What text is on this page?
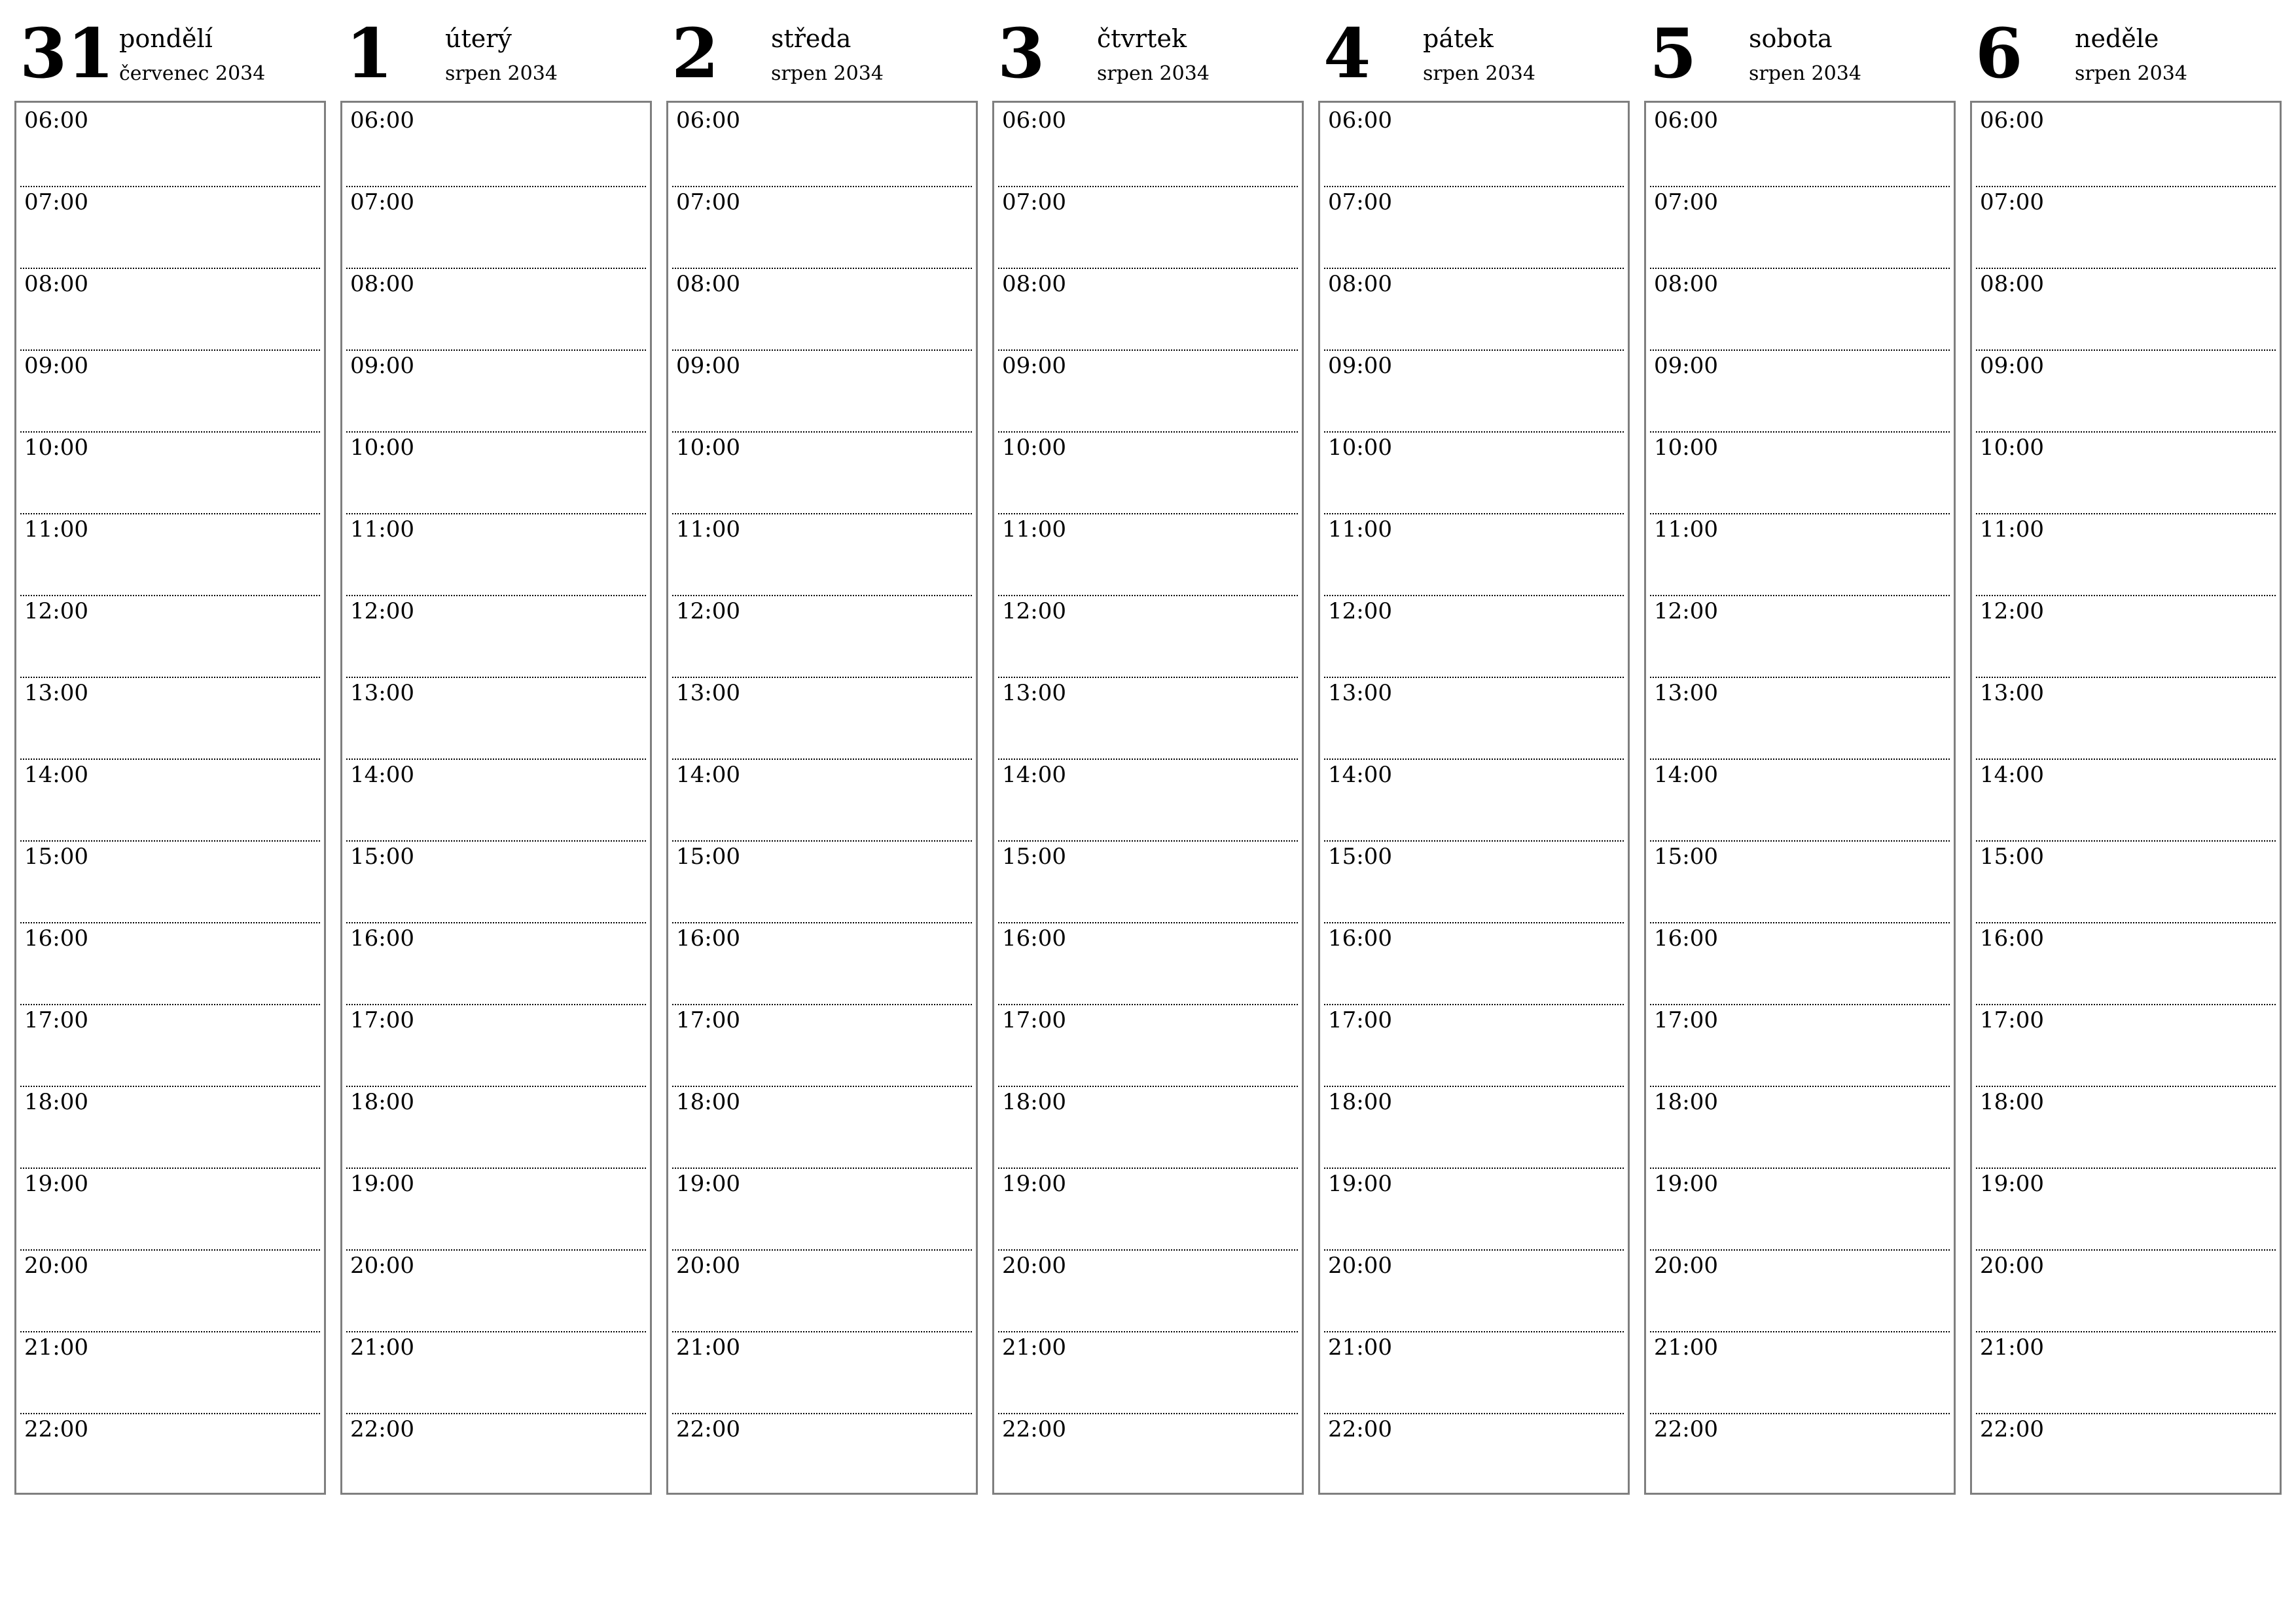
31 pondělí
červenec 2034
06:00
07:00
08:00
09:00
10:00
11:00
12:00
13:00
14:00
15:00
16:00
17:00
18:00
19:00
20:00
21:00
22:00
1 úterý
srpen 2034
06:00
07:00
08:00
09:00
10:00
11:00
12:00
13:00
14:00
15:00
16:00
17:00
18:00
19:00
20:00
21:00
22:00
2 středa
srpen 2034
06:00
07:00
08:00
09:00
10:00
11:00
12:00
13:00
14:00
15:00
16:00
17:00
18:00
19:00
20:00
21:00
22:00
3 čtvrtek
srpen 2034
06:00
07:00
08:00
09:00
10:00
11:00
12:00
13:00
14:00
15:00
16:00
17:00
18:00
19:00
20:00
21:00
22:00
4 pátek
srpen 2034
06:00
07:00
08:00
09:00
10:00
11:00
12:00
13:00
14:00
15:00
16:00
17:00
18:00
19:00
20:00
21:00
22:00
5 sobota
srpen 2034
06:00
07:00
08:00
09:00
10:00
11:00
12:00
13:00
14:00
15:00
16:00
17:00
18:00
19:00
20:00
21:00
22:00
6 neděle
srpen 2034
06:00
07:00
08:00
09:00
10:00
11:00
12:00
13:00
14:00
15:00
16:00
17:00
18:00
19:00
20:00
21:00
22:00
